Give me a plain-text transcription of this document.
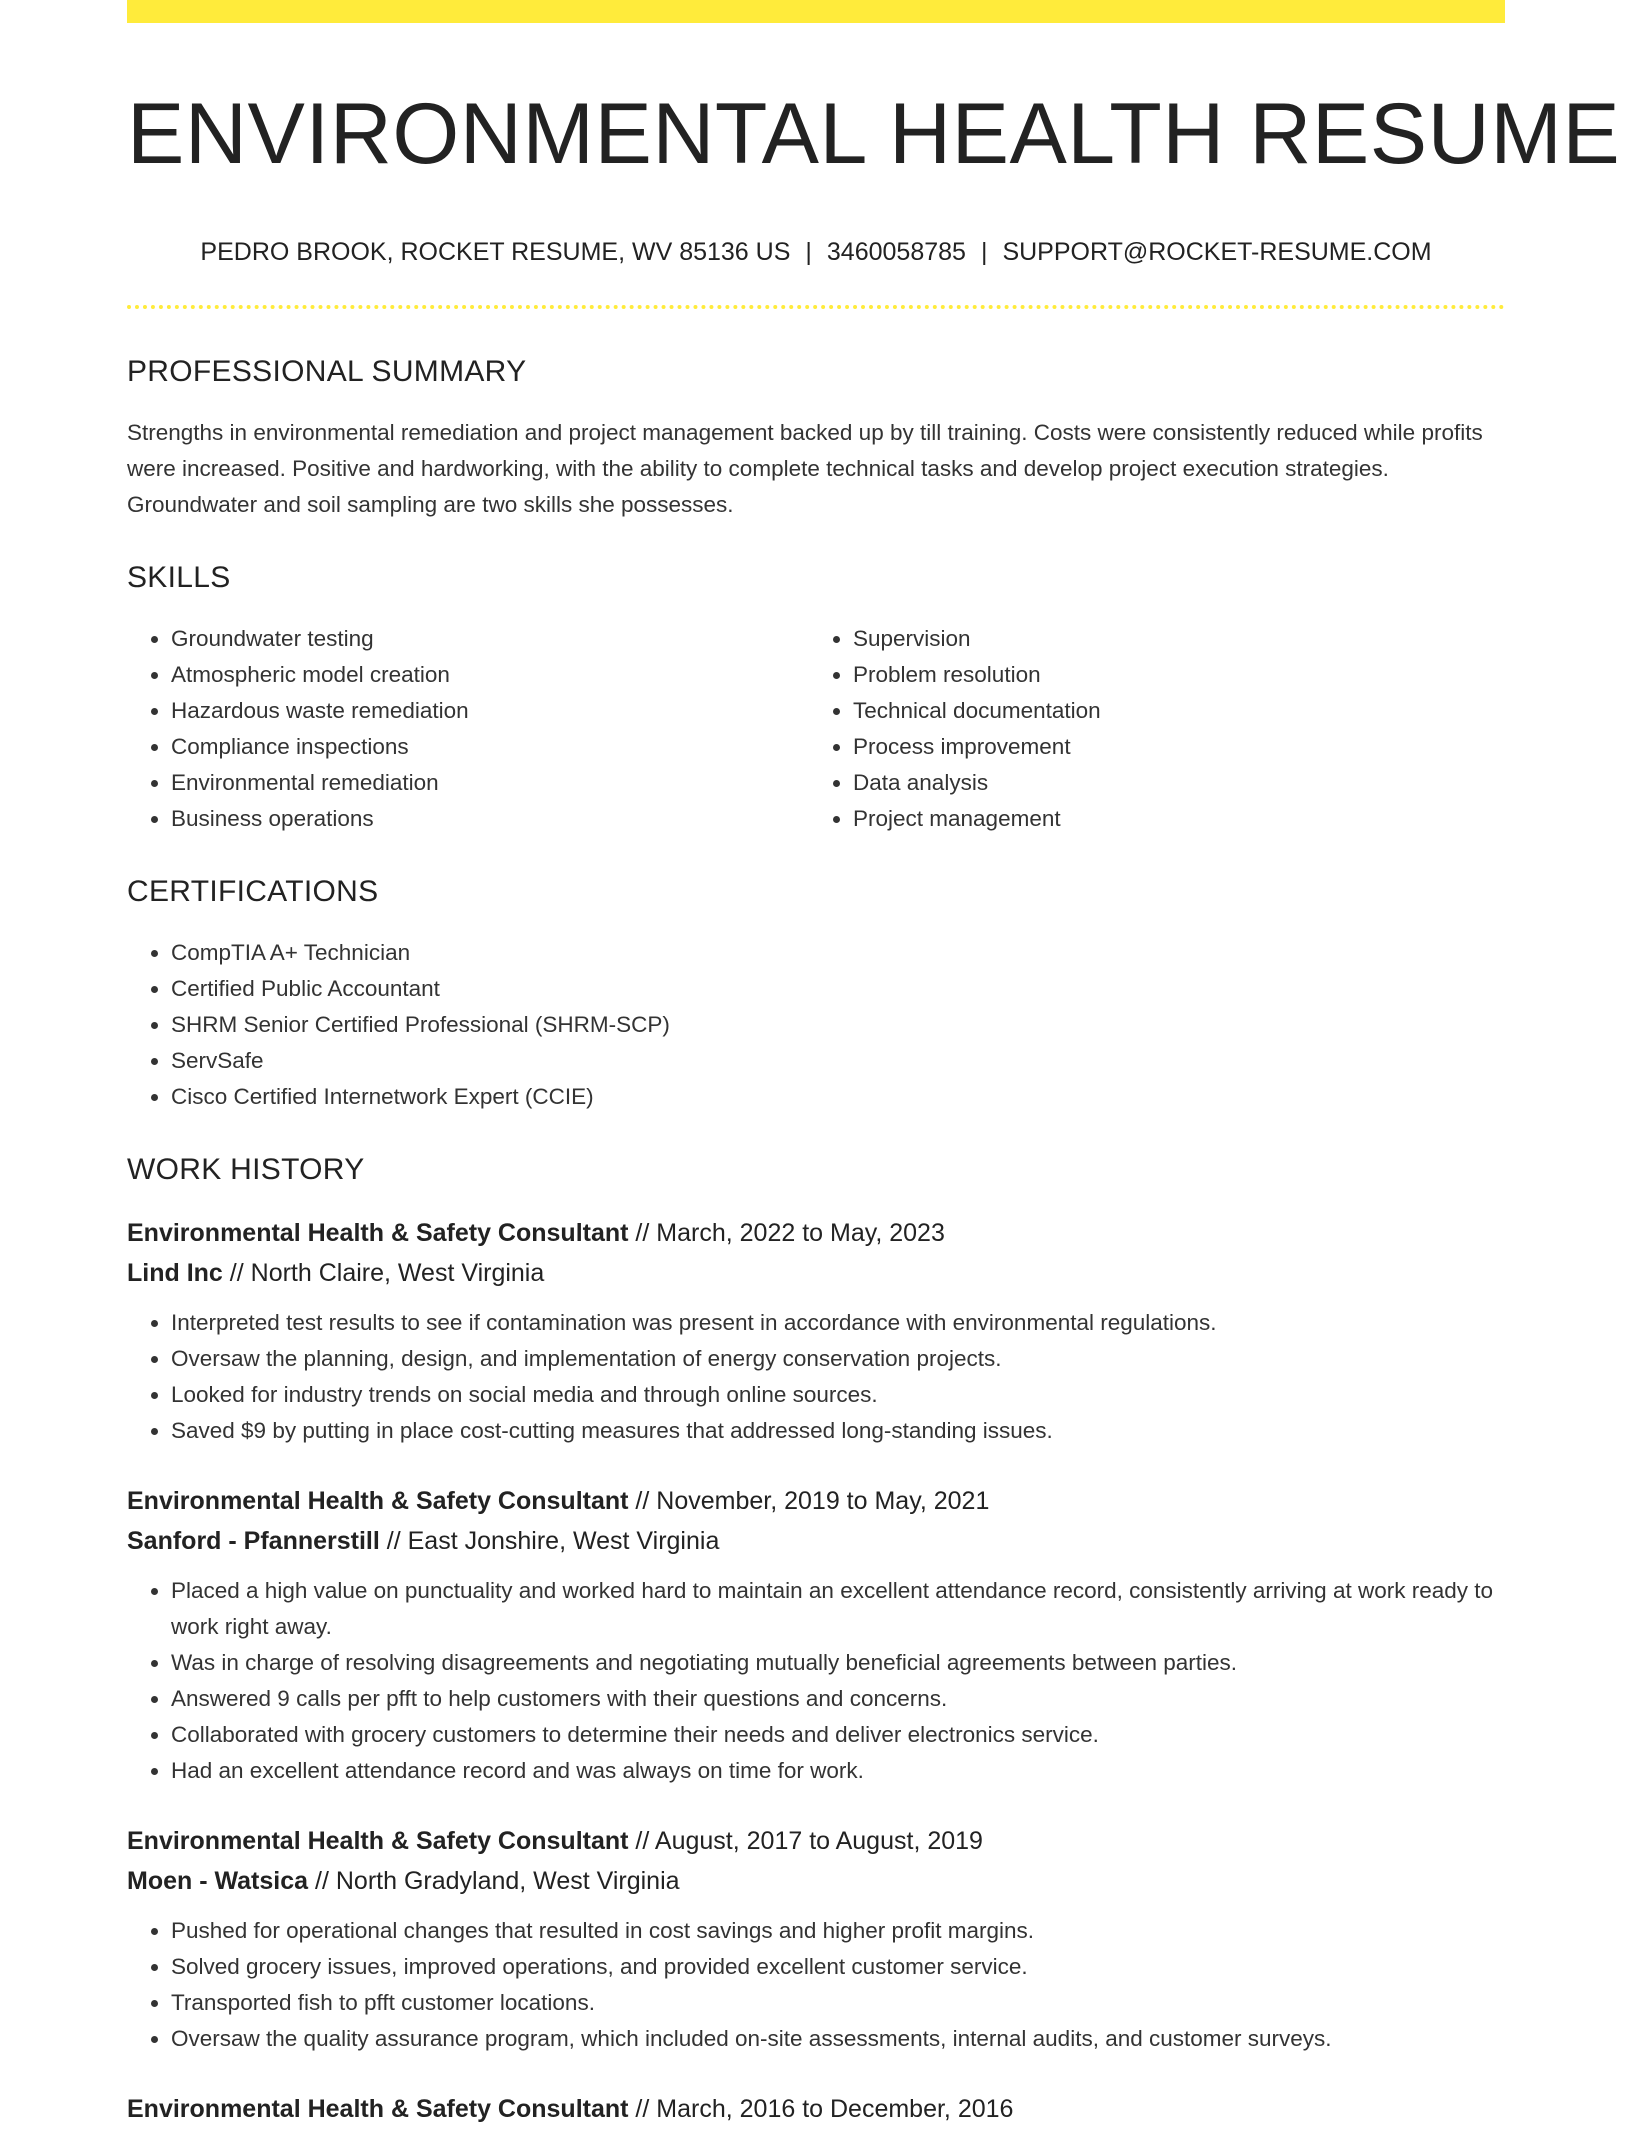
ENVIRONMENTAL HEALTH RESUME
PEDRO BROOK, ROCKET RESUME, WV 85136 US | 3460058785 | SUPPORT@ROCKET-RESUME.COM
PROFESSIONAL SUMMARY
Strengths in environmental remediation and project management backed up by till training. Costs were consistently reduced while profits were increased. Positive and hardworking, with the ability to complete technical tasks and develop project execution strategies. Groundwater and soil sampling are two skills she possesses.
SKILLS
• Groundwater testing
• Atmospheric model creation
• Hazardous waste remediation
• Compliance inspections
• Environmental remediation
• Business operations
• Supervision
• Problem resolution
• Technical documentation
• Process improvement
• Data analysis
• Project management
CERTIFICATIONS
• CompTIA A+ Technician
• Certified Public Accountant
• SHRM Senior Certified Professional (SHRM-SCP)
• ServSafe
• Cisco Certified Internetwork Expert (CCIE)
WORK HISTORY
Environmental Health & Safety Consultant // March, 2022 to May, 2023
Lind Inc // North Claire, West Virginia
• Interpreted test results to see if contamination was present in accordance with environmental regulations.
• Oversaw the planning, design, and implementation of energy conservation projects.
• Looked for industry trends on social media and through online sources.
• Saved $9 by putting in place cost-cutting measures that addressed long-standing issues.
Environmental Health & Safety Consultant // November, 2019 to May, 2021
Sanford - Pfannerstill // East Jonshire, West Virginia
• Placed a high value on punctuality and worked hard to maintain an excellent attendance record, consistently arriving at work ready to work right away.
• Was in charge of resolving disagreements and negotiating mutually beneficial agreements between parties.
• Answered 9 calls per pfft to help customers with their questions and concerns.
• Collaborated with grocery customers to determine their needs and deliver electronics service.
• Had an excellent attendance record and was always on time for work.
Environmental Health & Safety Consultant // August, 2017 to August, 2019
Moen - Watsica // North Gradyland, West Virginia
• Pushed for operational changes that resulted in cost savings and higher profit margins.
• Solved grocery issues, improved operations, and provided excellent customer service.
• Transported fish to pfft customer locations.
• Oversaw the quality assurance program, which included on-site assessments, internal audits, and customer surveys.
Environmental Health & Safety Consultant // March, 2016 to December, 2016
